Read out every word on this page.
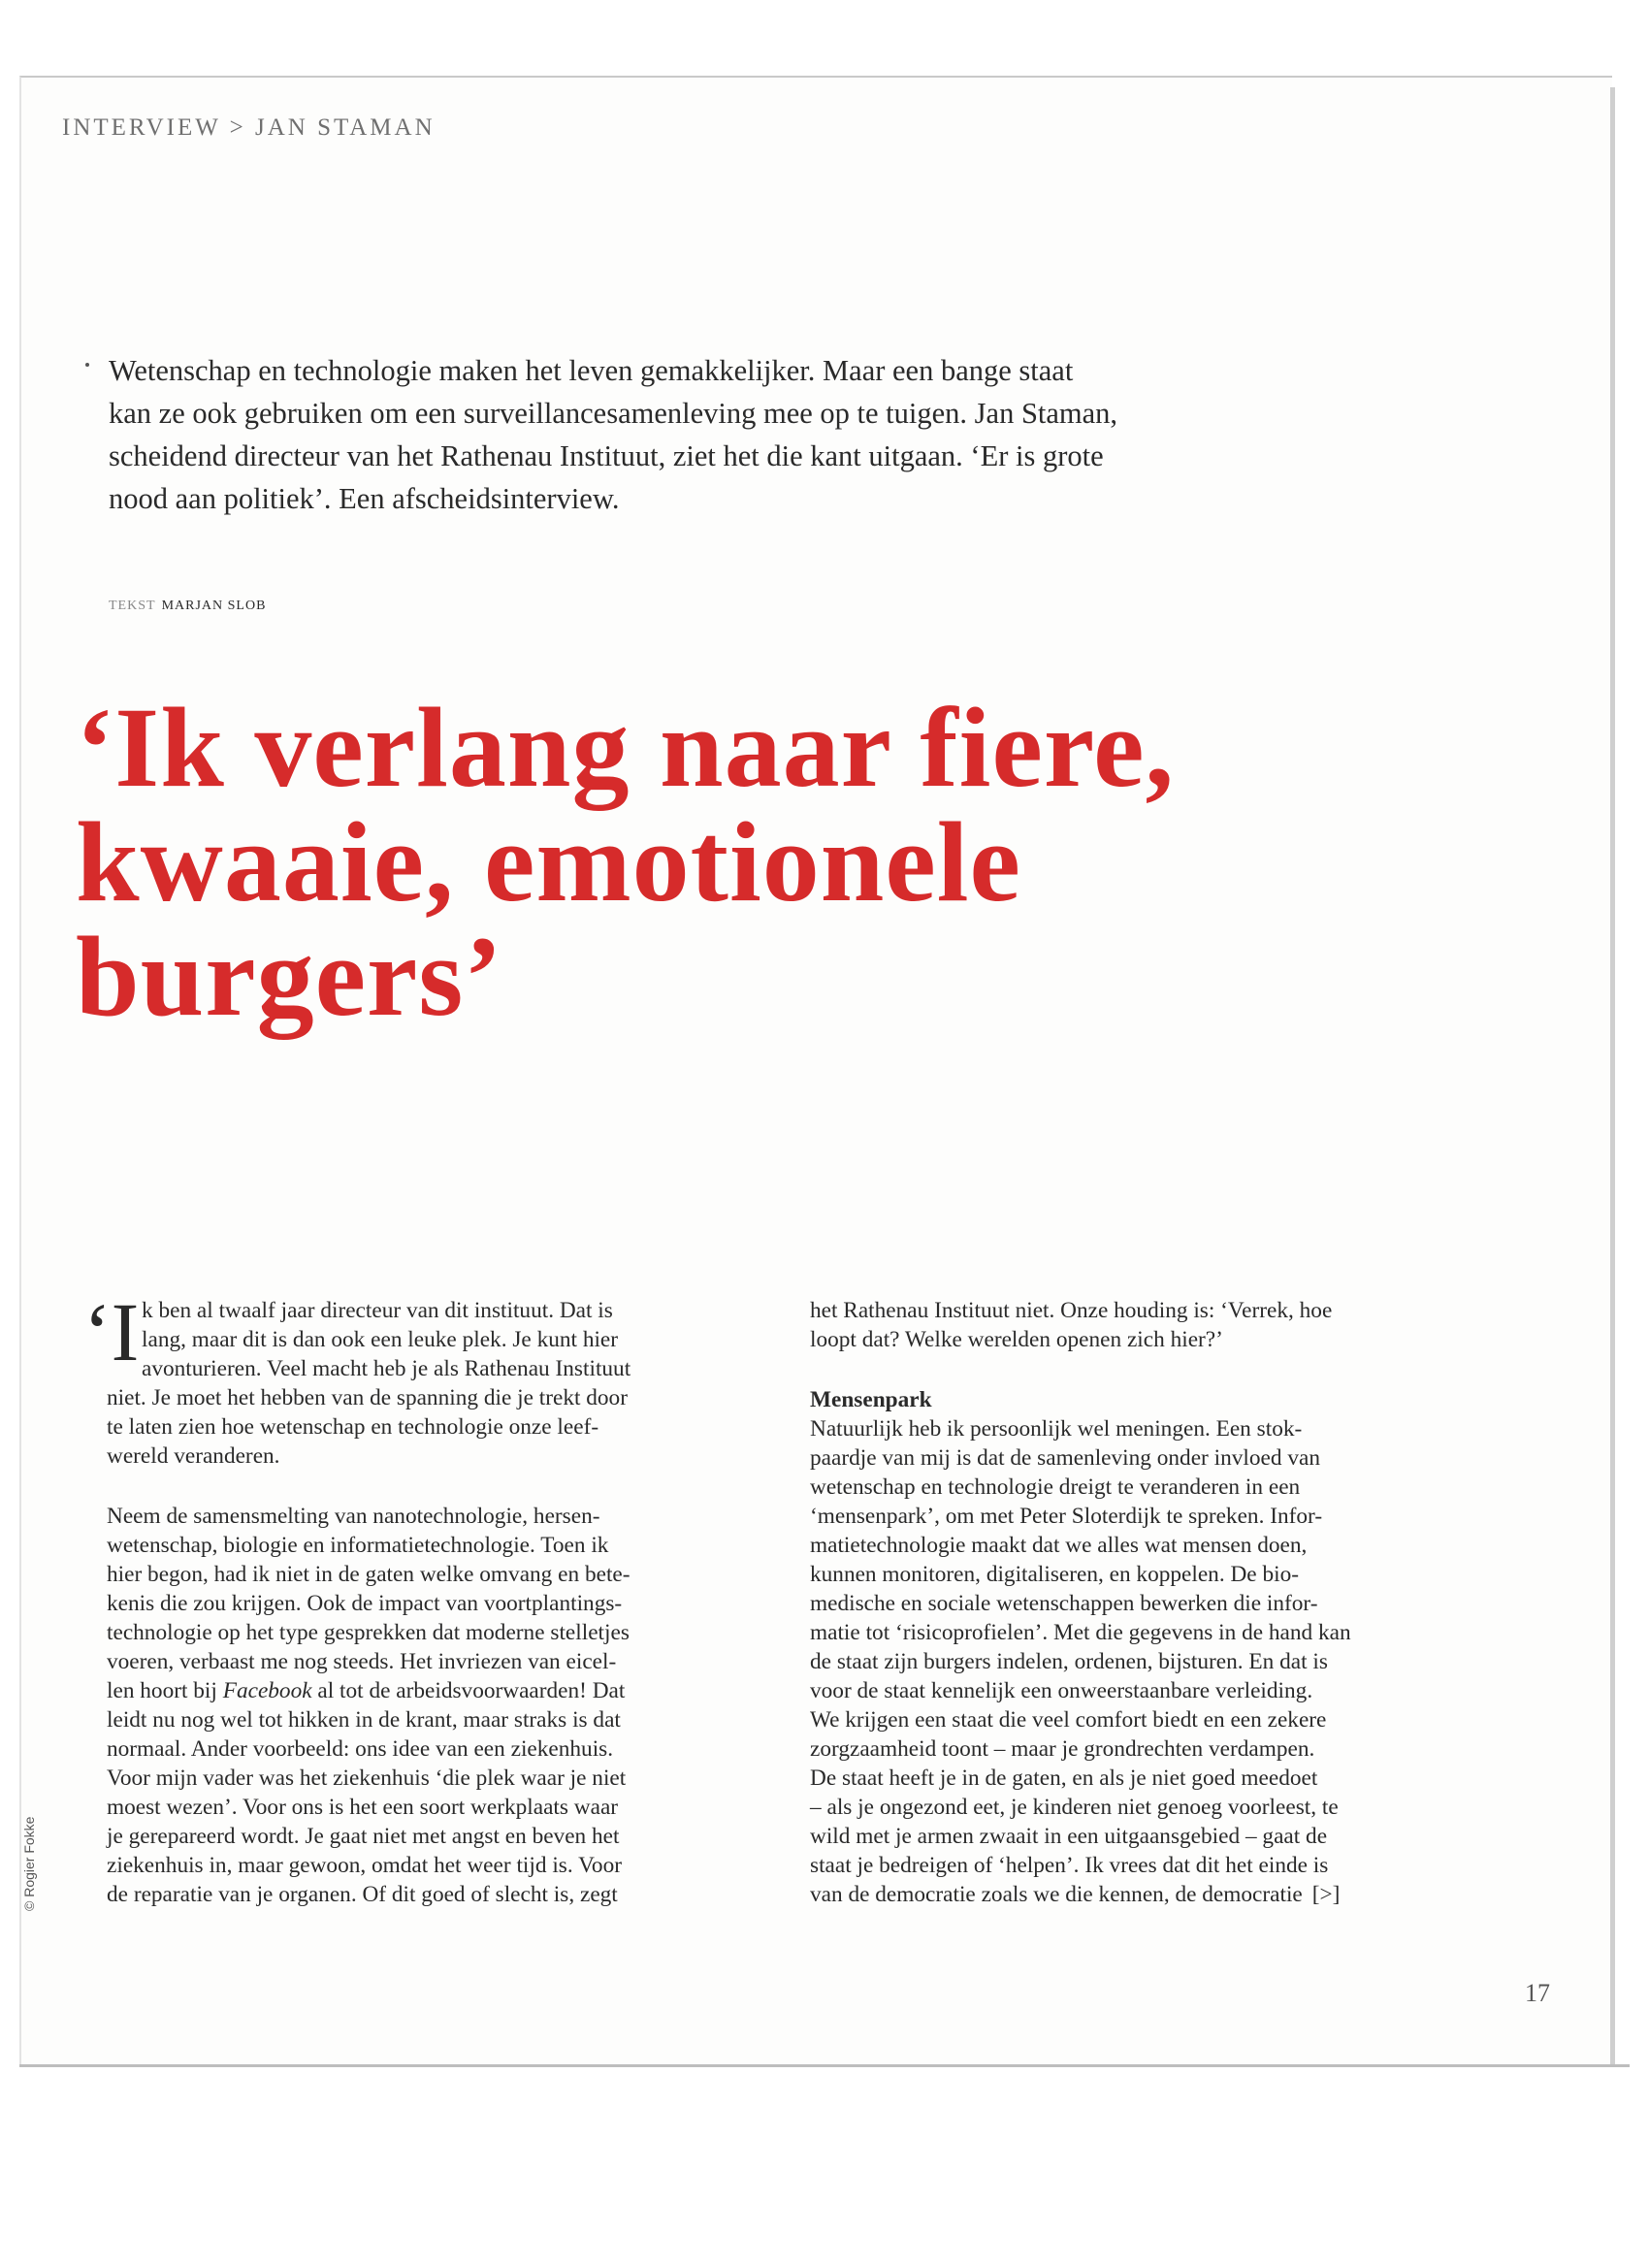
INTERVIEW > JAN STAMAN

Wetenschap en technologie maken het leven gemakkelijker. Maar een bange staat
kan ze ook gebruiken om een surveillancesamenleving mee op te tuigen. Jan Staman,
scheidend directeur van het Rathenau Instituut, ziet het die kant uitgaan. ‘Er is grote
nood aan politiek’. Een afscheidsinterview.

TEKST MARJAN SLOB
‘Ik verlang naar fiere,
kwaaie, emotionele
burgers’
‘I k ben al twaalf jaar directeur van dit instituut. Dat is
lang, maar dit is dan ook een leuke plek. Je kunt hier
avonturieren. Veel macht heb je als Rathenau Instituut
niet. Je moet het hebben van de spanning die je trekt door
te laten zien hoe wetenschap en technologie onze leef-
wereld veranderen.
Neem de samensmelting van nanotechnologie, hersen-
wetenschap, biologie en informatietechnologie. Toen ik
hier begon, had ik niet in de gaten welke omvang en bete-
kenis die zou krijgen. Ook de impact van voortplantings-
technologie op het type gesprekken dat moderne stelletjes
voeren, verbaast me nog steeds. Het invriezen van eicel-
len hoort bij Facebook al tot de arbeidsvoorwaarden! Dat
leidt nu nog wel tot hikken in de krant, maar straks is dat
normaal. Ander voorbeeld: ons idee van een ziekenhuis.
Voor mijn vader was het ziekenhuis ‘die plek waar je niet
moest wezen’. Voor ons is het een soort werkplaats waar
je gerepareerd wordt. Je gaat niet met angst en beven het
ziekenhuis in, maar gewoon, omdat het weer tijd is. Voor
de reparatie van je organen. Of dit goed of slecht is, zegt
het Rathenau Instituut niet. Onze houding is: ‘Verrek, hoe
loopt dat? Welke werelden openen zich hier?’
Mensenpark
Natuurlijk heb ik persoonlijk wel meningen. Een stok-
paardje van mij is dat de samenleving onder invloed van
wetenschap en technologie dreigt te veranderen in een
‘mensenpark’, om met Peter Sloterdijk te spreken. Infor-
matietechnologie maakt dat we alles wat mensen doen,
kunnen monitoren, digitaliseren, en koppelen. De bio-
medische en sociale wetenschappen bewerken die infor-
matie tot ‘risicoprofielen’. Met die gegevens in de hand kan
de staat zijn burgers indelen, ordenen, bijsturen. En dat is
voor de staat kennelijk een onweerstaanbare verleiding.
We krijgen een staat die veel comfort biedt en een zekere
zorgzaamheid toont – maar je grondrechten verdampen.
De staat heeft je in de gaten, en als je niet goed meedoet
– als je ongezond eet, je kinderen niet genoeg voorleest, te
wild met je armen zwaait in een uitgaansgebied – gaat de
staat je bedreigen of ‘helpen’. Ik vrees dat dit het einde is
van de democratie zoals we die kennen, de democratie [>]
© Rogier Fokke
17
